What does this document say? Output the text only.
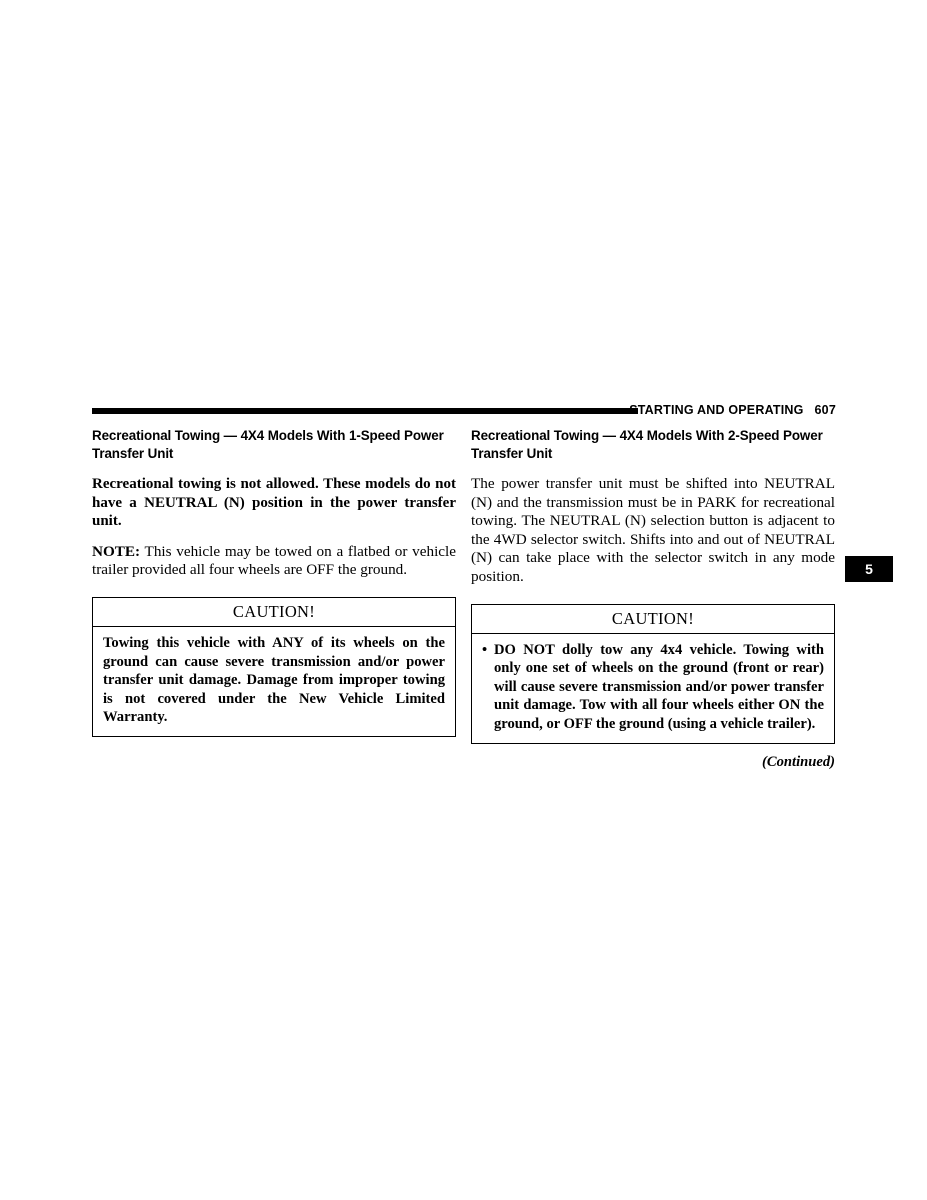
STARTING AND OPERATING 607
5
Recreational Towing — 4X4 Models With 1-Speed Power Transfer Unit

Recreational towing is not allowed. These models do not have a NEUTRAL (N) position in the power transfer unit.

NOTE: This vehicle may be towed on a flatbed or vehicle trailer provided all four wheels are OFF the ground.

CAUTION!
Towing this vehicle with ANY of its wheels on the ground can cause severe transmission and/or power transfer unit damage. Damage from improper towing is not covered under the New Vehicle Limited Warranty.
Recreational Towing — 4X4 Models With 2-Speed Power Transfer Unit

The power transfer unit must be shifted into NEUTRAL (N) and the transmission must be in PARK for recreational towing. The NEUTRAL (N) selection button is adjacent to the 4WD selector switch. Shifts into and out of NEUTRAL (N) can take place with the selector switch in any mode position.

CAUTION!
• DO NOT dolly tow any 4x4 vehicle. Towing with only one set of wheels on the ground (front or rear) will cause severe transmission and/or power transfer unit damage. Tow with all four wheels either ON the ground, or OFF the ground (using a vehicle trailer).
(Continued)
